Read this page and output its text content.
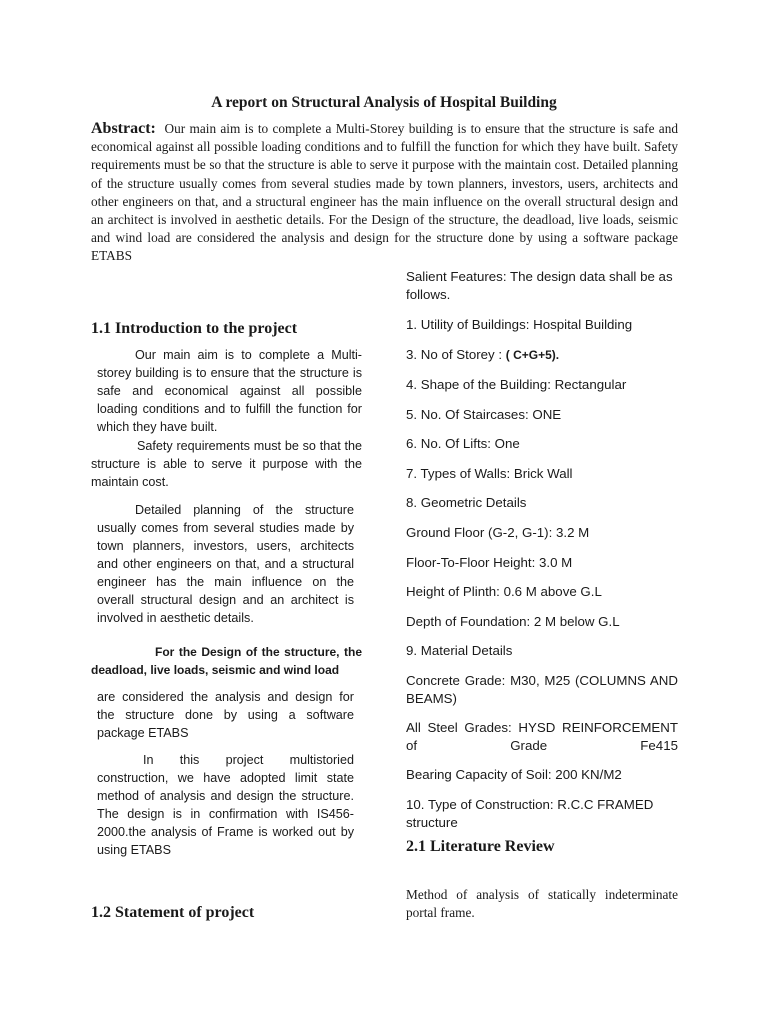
A report on Structural Analysis of Hospital Building
Abstract: Our main aim is to complete a Multi-Storey building is to ensure that the structure is safe and economical against all possible loading conditions and to fulfill the function for which they have built. Safety requirements must be so that the structure is able to serve it purpose with the maintain cost. Detailed planning of the structure usually comes from several studies made by town planners, investors, users, architects and other engineers on that, and a structural engineer has the main influence on the overall structural design and an architect is involved in aesthetic details. For the Design of the structure, the deadload, live loads, seismic and wind load are considered the analysis and design for the structure done by using a software package ETABS
1.1 Introduction to the project
Our main aim is to complete a Multi-storey building is to ensure that the structure is safe and economical against all possible loading conditions and to fulfill the function for which they have built.
Safety requirements must be so that the structure is able to serve it purpose with the maintain cost.
Detailed planning of the structure usually comes from several studies made by town planners, investors, users, architects and other engineers on that, and a structural engineer has the main influence on the overall structural design and an architect is involved in aesthetic details.
For the Design of the structure, the deadload, live loads, seismic and wind load
are considered the analysis and design for the structure done by using a software package ETABS
In this project multistoried construction, we have adopted limit state method of analysis and design the structure. The design is in confirmation with IS456-2000.the analysis of Frame is worked out by using ETABS
1.2 Statement of project
Salient Features: The design data shall be as follows.
1. Utility of Buildings: Hospital Building
3. No of Storey : ( C+G+5).
4. Shape of the Building: Rectangular
5. No. Of Staircases: ONE
6. No. Of Lifts: One
7. Types of Walls: Brick Wall
8. Geometric Details
Ground Floor (G-2, G-1): 3.2 M
Floor-To-Floor Height: 3.0 M
Height of Plinth: 0.6 M above G.L
Depth of Foundation: 2 M below G.L
9. Material Details
Concrete Grade: M30, M25 (COLUMNS AND BEAMS)
All Steel Grades: HYSD REINFORCEMENT of Grade Fe415
Bearing Capacity of Soil: 200 KN/M2
10. Type of Construction: R.C.C FRAMED structure
2.1 Literature Review
Method of analysis of statically indeterminate portal frame.
